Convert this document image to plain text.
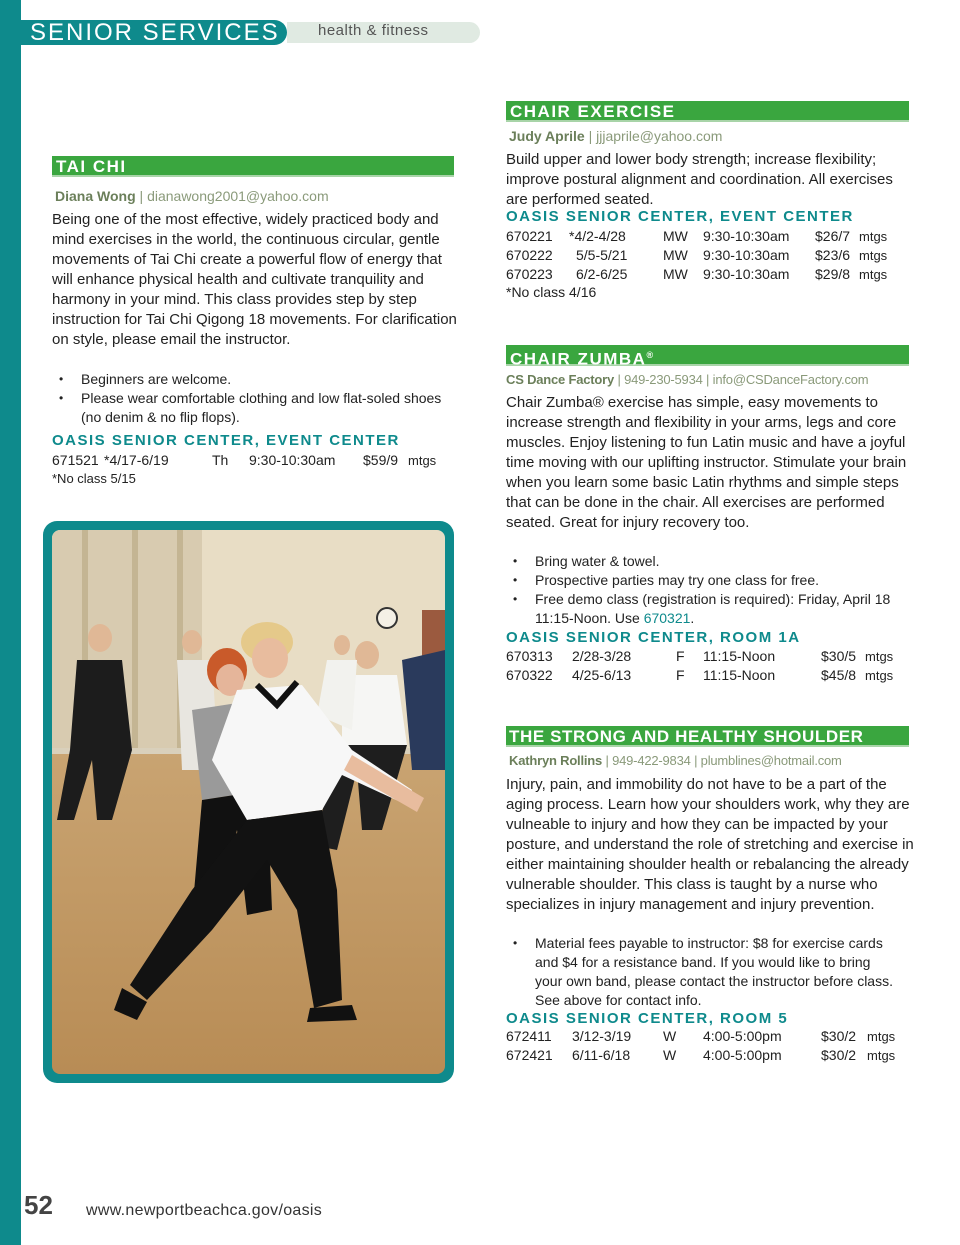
SENIOR SERVICES	health & fitness
TAI CHI
Diana Wong | dianawong2001@yahoo.com
Being one of the most effective, widely practiced body and mind exercises in the world, the continuous circular, gentle movements of Tai Chi create a powerful flow of energy that will enhance physical health and cultivate tranquility and harmony in your mind. This class provides step by step instruction for Tai Chi Qigong 18 movements. For clarification on style, please email the instructor.
• Beginners are welcome.
• Please wear comfortable clothing and low flat-soled shoes (no denim & no flip flops).
OASIS SENIOR CENTER, EVENT CENTER
671521 *4/17-6/19	Th 9:30-10:30am $59/9 mtgs
*No class 5/15
CHAIR EXERCISE
Judy Aprile | jjjaprile@yahoo.com
Build upper and lower body strength; increase flexibility; improve postural alignment and coordination. All exercises are performed seated.
OASIS SENIOR CENTER, EVENT CENTER
670221 *4/2-4/28	MW 9:30-10:30am $26/7 mtgs
670222 5/5-5/21	MW 9:30-10:30am $23/6 mtgs
670223 6/2-6/25	MW 9:30-10:30am $29/8 mtgs
*No class 4/16
CHAIR ZUMBA®
CS Dance Factory | 949-230-5934 | info@CSDanceFactory.com
Chair Zumba® exercise has simple, easy movements to increase strength and flexibility in your arms, legs and core muscles. Enjoy listening to fun Latin music and have a joyful time moving with our uplifting instructor. Stimulate your brain when you learn some basic Latin rhythms and simple steps that can be done in the chair. All exercises are performed seated. Great for injury recovery too.
• Bring water & towel.
• Prospective parties may try one class for free.
• Free demo class (registration is required): Friday, April 18 11:15-Noon. Use 670321.
OASIS SENIOR CENTER, ROOM 1A
670313 2/28-3/28	F 11:15-Noon	$30/5 mtgs
670322 4/25-6/13	F 11:15-Noon	$45/8 mtgs
THE STRONG AND HEALTHY SHOULDER
Kathryn Rollins | 949-422-9834 | plumblines@hotmail.com
Injury, pain, and immobility do not have to be a part of the aging process. Learn how your shoulders work, why they are vulneable to injury and how they can be impacted by your posture, and understand the role of stretching and exercise in either maintaining shoulder health or rebalancing the already vulnerable shoulder. This class is taught by a nurse who specializes in injury management and injury prevention.
• Material fees payable to instructor: $8 for exercise cards and $4 for a resistance band. If you would like to bring your own band, please contact the instructor before class. See above for contact info.
OASIS SENIOR CENTER, ROOM 5
672411 3/12-3/19 W 4:00-5:00pm	$30/2 mtgs
672421 6/11-6/18 W 4:00-5:00pm	$30/2 mtgs
52 www.newportbeachca.gov/oasis
